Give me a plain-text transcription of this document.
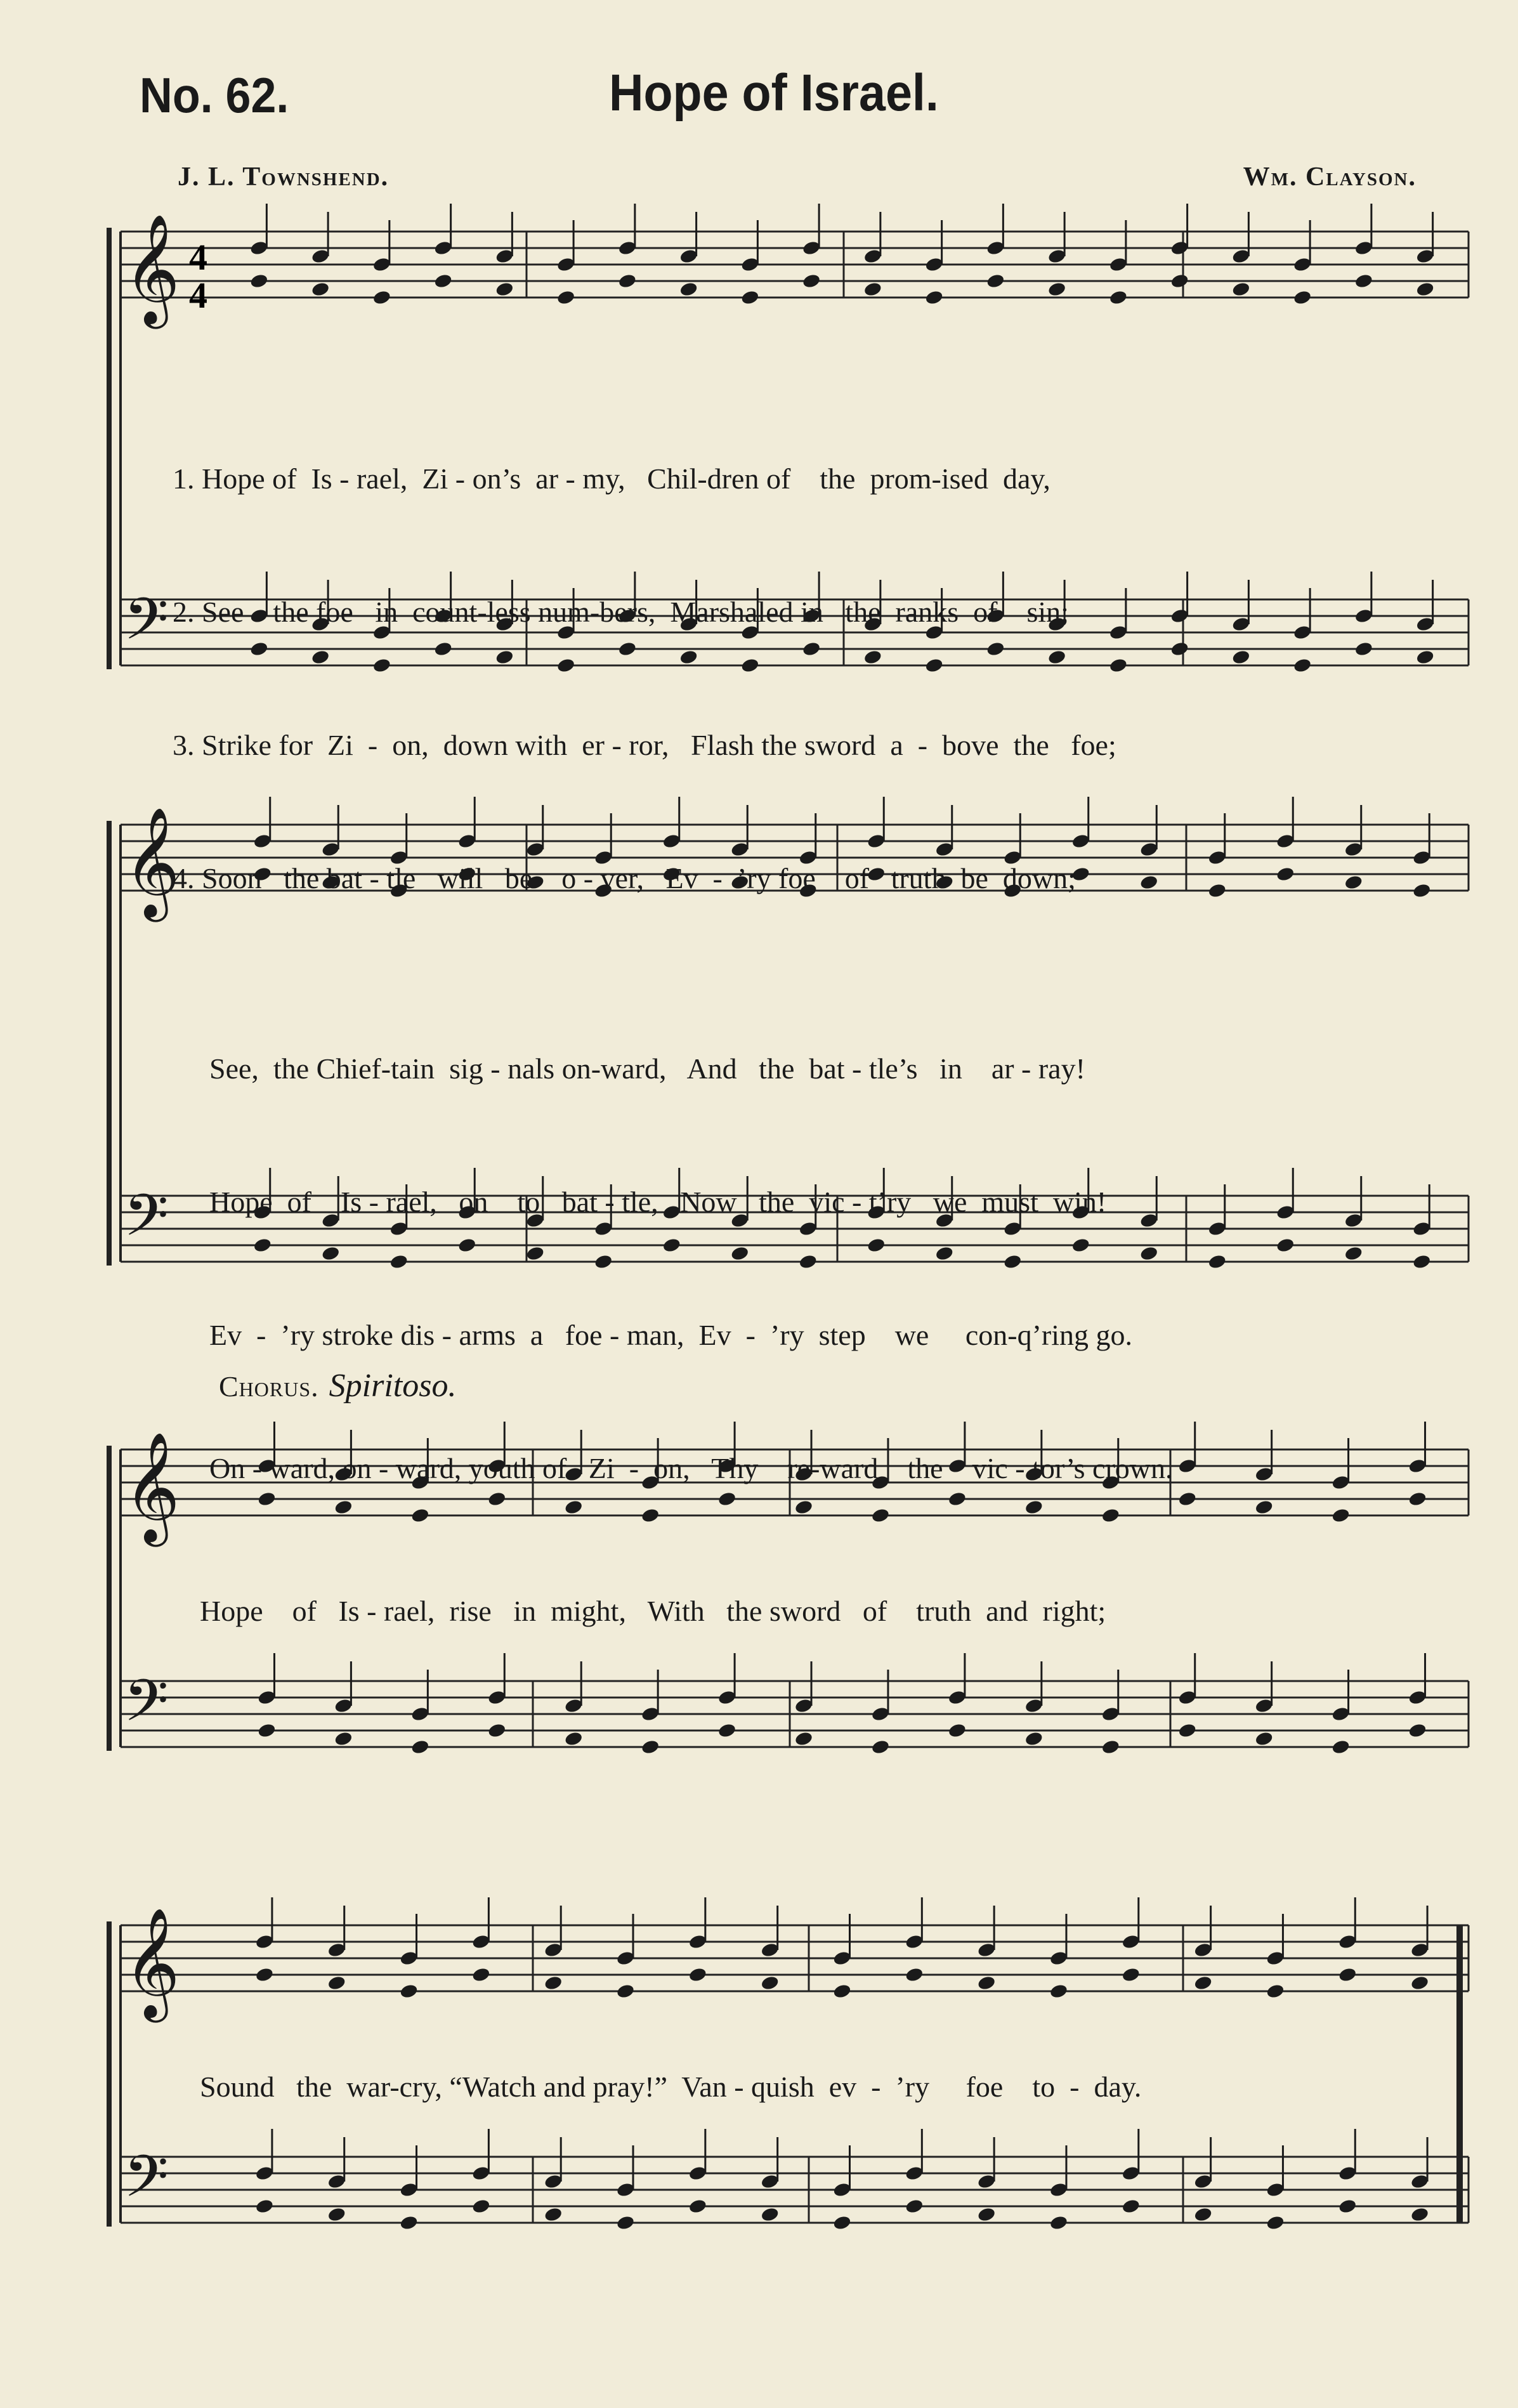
No. 62.	Hope of Israel.
J. L. Townshend.	Wm. Clayson.
𝄞
𝄢
𝄞
𝄢
𝄞
𝄢
𝄞
𝄢
4
4

1. Hope of  Is - rael,  Zi - on’s  ar - my,   Chil-dren of    the  prom-ised  day,

2. See    the foe   in  count-less num-bers,  Marshaled in   the  ranks  of    sin;

3. Strike for  Zi  -  on,  down with  er - ror,   Flash the sword  a  -  bove  the   foe;

4. Soon   the bat - tle   will   be    o - ver,   Ev  -  ’ry foe    of   truth  be  down;

See,  the Chief-tain  sig - nals on-ward,   And   the  bat - tle’s   in    ar - ray!

Hope  of    Is - rael,   on    to   bat - tle,   Now   the  vic - t’ry   we  must  win!

Ev  -  ’ry stroke dis - arms  a   foe - man,  Ev  -  ’ry  step    we     con-q’ring go.

On - ward, on - ward, youth of   Zi  -  on,   Thy    re-ward    the    vic - tor’s crown.

Chorus. Spiritoso.
Hope    of   Is - rael,  rise   in  might,   With   the sword   of    truth  and  right;
Sound   the  war-cry, “Watch and pray!”  Van - quish  ev  -  ’ry     foe    to  -  day.
